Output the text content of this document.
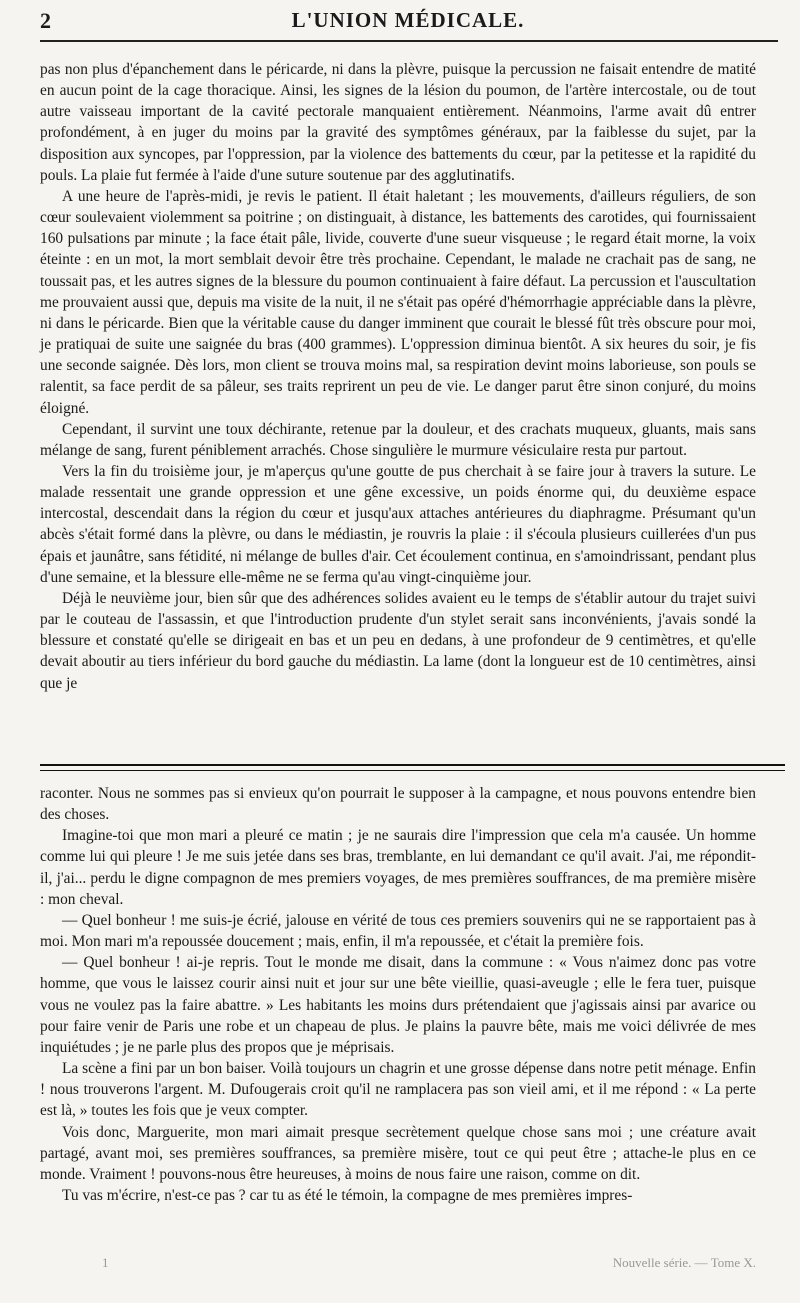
2	L'UNION MÉDICALE.

pas non plus d'épanchement dans le péricarde, ni dans la plèvre, puisque la percussion ne faisait entendre de matité en aucun point de la cage thoracique. Ainsi, les signes de la lésion du poumon, de l'artère intercostale, ou de tout autre vaisseau important de la cavité pectorale manquaient entièrement. Néanmoins, l'arme avait dû entrer profondément, à en juger du moins par la gravité des symptômes généraux, par la faiblesse du sujet, par la disposition aux syncopes, par l'oppression, par la violence des battements du cœur, par la petitesse et la rapidité du pouls. La plaie fut fermée à l'aide d'une suture soutenue par des agglutinatifs.

A une heure de l'après-midi, je revis le patient. Il était haletant ; les mouvements, d'ailleurs réguliers, de son cœur soulevaient violemment sa poitrine ; on distinguait, à distance, les battements des carotides, qui fournissaient 160 pulsations par minute ; la face était pâle, livide, couverte d'une sueur visqueuse ; le regard était morne, la voix éteinte : en un mot, la mort semblait devoir être très prochaine. Cependant, le malade ne crachait pas de sang, ne toussait pas, et les autres signes de la blessure du poumon continuaient à faire défaut. La percussion et l'auscultation me prouvaient aussi que, depuis ma visite de la nuit, il ne s'était pas opéré d'hémorrhagie appréciable dans la plèvre, ni dans le péricarde. Bien que la véritable cause du danger imminent que courait le blessé fût très obscure pour moi, je pratiquai de suite une saignée du bras (400 grammes). L'oppression diminua bientôt. A six heures du soir, je fis une seconde saignée. Dès lors, mon client se trouva moins mal, sa respiration devint moins laborieuse, son pouls se ralentit, sa face perdit de sa pâleur, ses traits reprirent un peu de vie. Le danger parut être sinon conjuré, du moins éloigné.

Cependant, il survint une toux déchirante, retenue par la douleur, et des crachats muqueux, gluants, mais sans mélange de sang, furent péniblement arrachés. Chose singulière le murmure vésiculaire resta pur partout.

Vers la fin du troisième jour, je m'aperçus qu'une goutte de pus cherchait à se faire jour à travers la suture. Le malade ressentait une grande oppression et une gêne excessive, un poids énorme qui, du deuxième espace intercostal, descendait dans la région du cœur et jusqu'aux attaches antérieures du diaphragme. Présumant qu'un abcès s'était formé dans la plèvre, ou dans le médiastin, je rouvris la plaie : il s'écoula plusieurs cuillerées d'un pus épais et jaunâtre, sans fétidité, ni mélange de bulles d'air. Cet écoulement continua, en s'amoindrissant, pendant plus d'une semaine, et la blessure elle-même ne se ferma qu'au vingt-cinquième jour.

Déjà le neuvième jour, bien sûr que des adhérences solides avaient eu le temps de s'établir autour du trajet suivi par le couteau de l'assassin, et que l'introduction prudente d'un stylet serait sans inconvénients, j'avais sondé la blessure et constaté qu'elle se dirigeait en bas et un peu en dedans, à une profondeur de 9 centimètres, et qu'elle devait aboutir au tiers inférieur du bord gauche du médiastin. La lame (dont la longueur est de 10 centimètres, ainsi que je

raconter. Nous ne sommes pas si envieux qu'on pourrait le supposer à la campagne, et nous pouvons entendre bien des choses.

Imagine-toi que mon mari a pleuré ce matin ; je ne saurais dire l'impression que cela m'a causée. Un homme comme lui qui pleure ! Je me suis jetée dans ses bras, tremblante, en lui demandant ce qu'il avait. J'ai, me répondit-il, j'ai... perdu le digne compagnon de mes premiers voyages, de mes premières souffrances, de ma première misère : mon cheval.

— Quel bonheur ! me suis-je écrié, jalouse en vérité de tous ces premiers souvenirs qui ne se rapportaient pas à moi. Mon mari m'a repoussée doucement ; mais, enfin, il m'a repoussée, et c'était la première fois.

— Quel bonheur ! ai-je repris. Tout le monde me disait, dans la commune : « Vous n'aimez donc pas votre homme, que vous le laissez courir ainsi nuit et jour sur une bête vieillie, quasi-aveugle ; elle le fera tuer, puisque vous ne voulez pas la faire abattre. » Les habitants les moins durs prétendaient que j'agissais ainsi par avarice ou pour faire venir de Paris une robe et un chapeau de plus. Je plains la pauvre bête, mais me voici délivrée de mes inquiétudes ; je ne parle plus des propos que je méprisais.

La scène a fini par un bon baiser. Voilà toujours un chagrin et une grosse dépense dans notre petit ménage. Enfin ! nous trouverons l'argent. M. Dufougerais croit qu'il ne ramplacera pas son vieil ami, et il me répond : « La perte est là, » toutes les fois que je veux compter.

Vois donc, Marguerite, mon mari aimait presque secrètement quelque chose sans moi ; une créature avait partagé, avant moi, ses premières souffrances, sa première misère, tout ce qui peut être ; attache-le plus en ce monde. Vraiment ! pouvons-nous être heureuses, à moins de nous faire une raison, comme on dit.

Tu vas m'écrire, n'est-ce pas ? car tu as été le témoin, la compagne de mes premières impres-

1	Nouvelle série. — Tome X.
